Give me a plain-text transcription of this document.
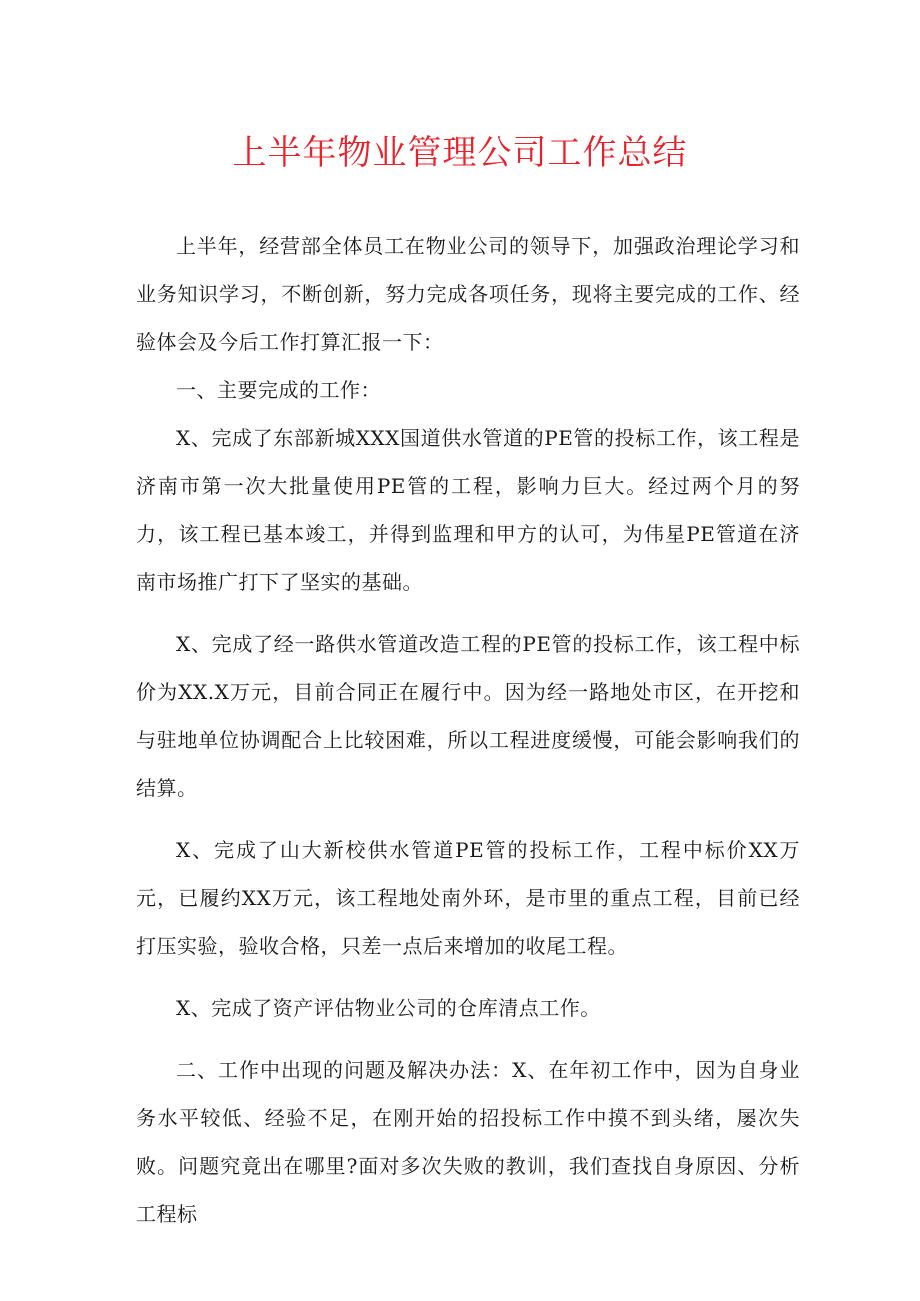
上半年物业管理公司工作总结

上半年，经营部全体员工在物业公司的领导下，加强政治理论学习和业务知识学习，不断创新，努力完成各项任务，现将主要完成的工作、经验体会及今后工作打算汇报一下：

一、主要完成的工作：

X、完成了东部新城XXX国道供水管道的PE管的投标工作，该工程是济南市第一次大批量使用PE管的工程，影响力巨大。经过两个月的努力，该工程已基本竣工，并得到监理和甲方的认可，为伟星PE管道在济南市场推广打下了坚实的基础。

X、完成了经一路供水管道改造工程的PE管的投标工作，该工程中标价为XX.X万元，目前合同正在履行中。因为经一路地处市区，在开挖和与驻地单位协调配合上比较困难，所以工程进度缓慢，可能会影响我们的结算。

X、完成了山大新校供水管道PE管的投标工作，工程中标价XX万元，已履约XX万元，该工程地处南外环，是市里的重点工程，目前已经打压实验，验收合格，只差一点后来增加的收尾工程。

X、完成了资产评估物业公司的仓库清点工作。

二、工作中出现的问题及解决办法：X、在年初工作中，因为自身业务水平较低、经验不足，在刚开始的招投标工作中摸不到头绪，屡次失败。问题究竟出在哪里?面对多次失败的教训，我们查找自身原因、分析工程标
